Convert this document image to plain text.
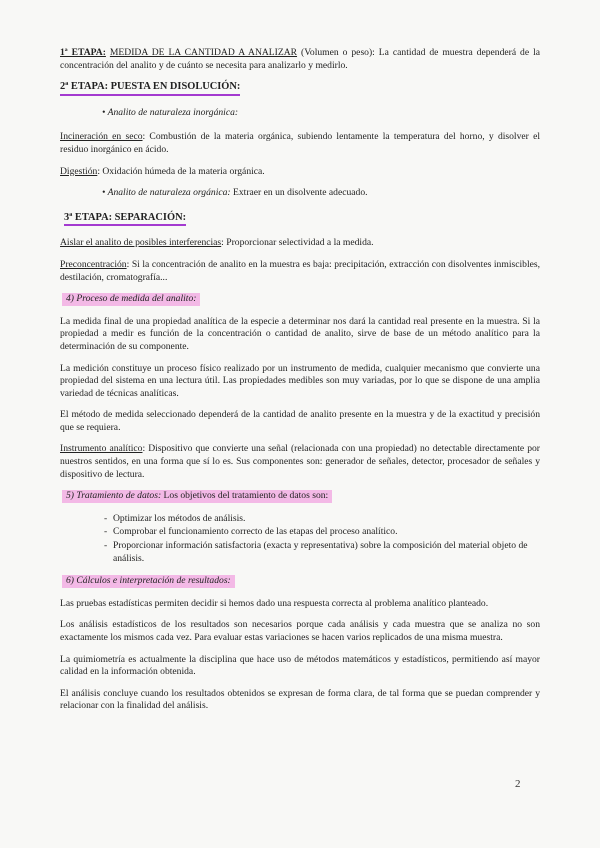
1ª ETAPA: MEDIDA DE LA CANTIDAD A ANALIZAR (Volumen o peso): La cantidad de muestra dependerá de la concentración del analito y de cuánto se necesita para analizarlo y medirlo.

2ª ETAPA: PUESTA EN DISOLUCIÓN:

• Analito de naturaleza inorgánica:

Incineración en seco: Combustión de la materia orgánica, subiendo lentamente la temperatura del horno, y disolver el residuo inorgánico en ácido.

Digestión: Oxidación húmeda de la materia orgánica.

• Analito de naturaleza orgánica: Extraer en un disolvente adecuado.

3ª ETAPA: SEPARACIÓN:

Aislar el analito de posibles interferencias: Proporcionar selectividad a la medida.

Preconcentración: Si la concentración de analito en la muestra es baja: precipitación, extracción con disolventes inmiscibles, destilación, cromatografía...

4) Proceso de medida del analito:

La medida final de una propiedad analítica de la especie a determinar nos dará la cantidad real presente en la muestra. Si la propiedad a medir es función de la concentración o cantidad de analito, sirve de base de un método analítico para la determinación de su componente.

La medición constituye un proceso físico realizado por un instrumento de medida, cualquier mecanismo que convierte una propiedad del sistema en una lectura útil. Las propiedades medibles son muy variadas, por lo que se dispone de una amplia variedad de técnicas analíticas.

El método de medida seleccionado dependerá de la cantidad de analito presente en la muestra y de la exactitud y precisión que se requiera.

Instrumento analítico: Dispositivo que convierte una señal (relacionada con una propiedad) no detectable directamente por nuestros sentidos, en una forma que sí lo es. Sus componentes son: generador de señales, detector, procesador de señales y dispositivo de lectura.

5) Tratamiento de datos: Los objetivos del tratamiento de datos son:

- Optimizar los métodos de análisis.
- Comprobar el funcionamiento correcto de las etapas del proceso analítico.
- Proporcionar información satisfactoria (exacta y representativa) sobre la composición del material objeto de análisis.

6) Cálculos e interpretación de resultados:

Las pruebas estadísticas permiten decidir si hemos dado una respuesta correcta al problema analítico planteado.

Los análisis estadísticos de los resultados son necesarios porque cada análisis y cada muestra que se analiza no son exactamente los mismos cada vez. Para evaluar estas variaciones se hacen varios replicados de una misma muestra.

La quimiometría es actualmente la disciplina que hace uso de métodos matemáticos y estadísticos, permitiendo así mayor calidad en la información obtenida.

El análisis concluye cuando los resultados obtenidos se expresan de forma clara, de tal forma que se puedan comprender y relacionar con la finalidad del análisis.

2
